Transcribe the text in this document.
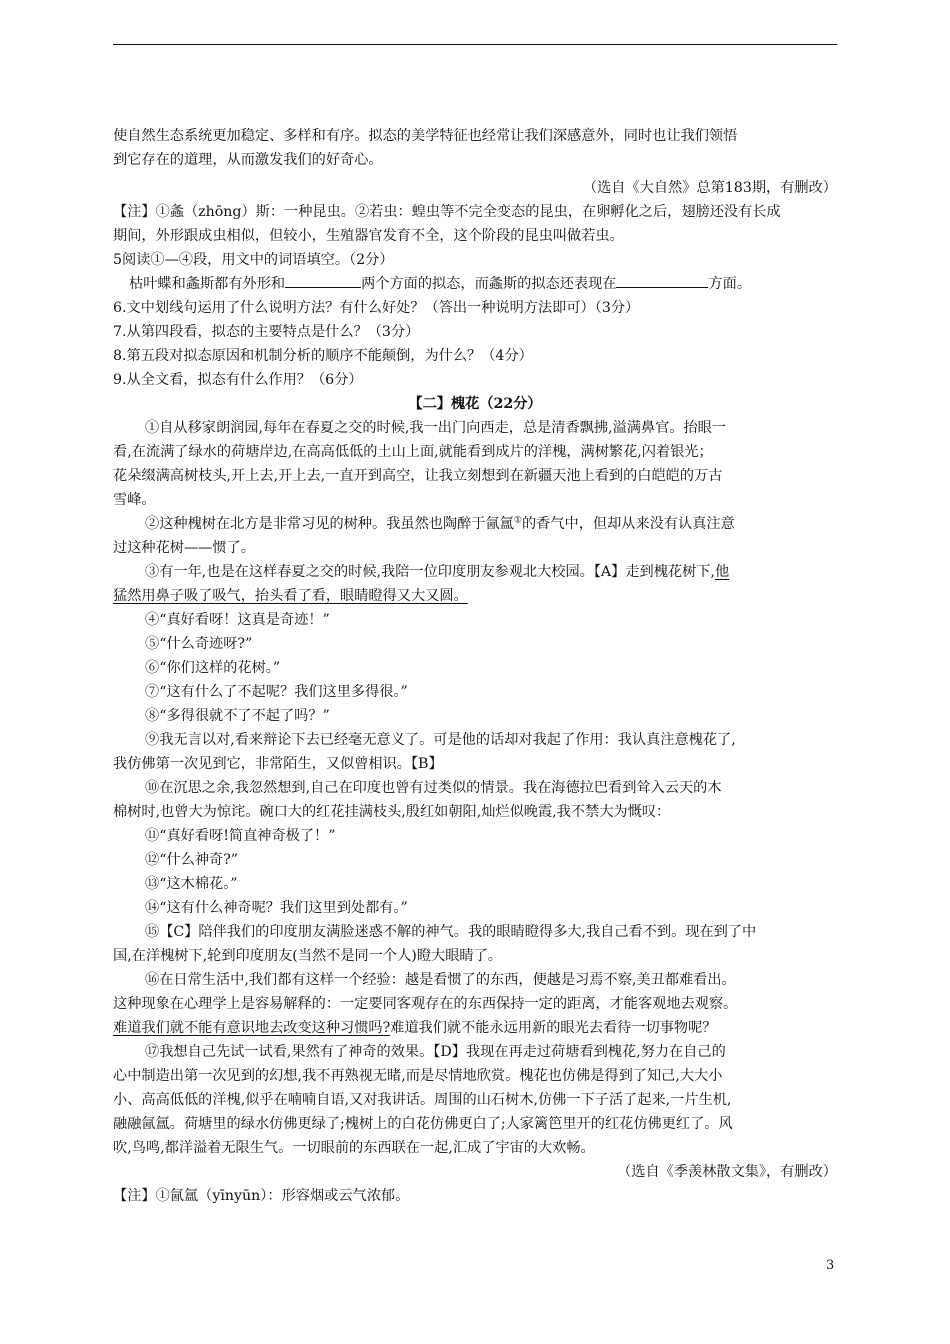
使自然生态系统更加稳定、多样和有序。拟态的美学特征也经常让我们深感意外，同时也让我们领悟

到它存在的道理，从而激发我们的好奇心。

（选自《大自然》总第183期，有删改）

【注】①螽（zhōng）斯：一种昆虫。②若虫：蝗虫等不完全变态的昆虫，在卵孵化之后，翅膀还没有长成

期间，外形跟成虫相似，但较小，生殖器官发育不全，这个阶段的昆虫叫做若虫。

5阅读①—④段，用文中的词语填空。（2分）

枯叶蝶和螽斯都有外形和	两个方面的拟态，而螽斯的拟态还表现在	方面。

6.文中划线句运用了什么说明方法？有什么好处？（答出一种说明方法即可）（3分）

7.从第四段看，拟态的主要特点是什么？（3分）

8.第五段对拟态原因和机制分析的顺序不能颠倒，为什么？（4分）

9.从全文看，拟态有什么作用？（6分）

【二】槐花（22分）

①自从移家朗润园,每年在春夏之交的时候,我一出门向西走，总是清香飘拂,溢满鼻官。抬眼一

看,在流满了绿水的荷塘岸边,在高高低低的土山上面,就能看到成片的洋槐，满树繁花,闪着银光；

花朵缀满高树枝头,开上去,开上去,一直开到高空，让我立刻想到在新疆天池上看到的白皑皑的万古

雪峰。

②这种槐树在北方是非常习见的树种。我虽然也陶醉于氤氲①的香气中，但却从来没有认真注意

过这种花树——惯了。

③有一年,也是在这样春夏之交的时候,我陪一位印度朋友参观北大校园。【A】走到槐花树下,他

猛然用鼻子吸了吸气，抬头看了看，眼睛瞪得又大又圆。

④“真好看呀！这真是奇迹！”

⑤“什么奇迹呀?”

⑥“你们这样的花树。”

⑦“这有什么了不起呢？我们这里多得很。”

⑧“多得很就不了不起了吗？”

⑨我无言以对,看来辩论下去已经毫无意义了。可是他的话却对我起了作用：我认真注意槐花了,

我仿佛第一次见到它，非常陌生，又似曾相识。【B】

⑩在沉思之余,我忽然想到,自己在印度也曾有过类似的情景。我在海德拉巴看到耸入云天的木

棉树时,也曾大为惊诧。碗口大的红花挂满枝头,殷红如朝阳,灿烂似晚霞,我不禁大为慨叹：

⑪“真好看呀!简直神奇极了！”

⑫“什么神奇?”

⑬“这木棉花。”

⑭“这有什么神奇呢？我们这里到处都有。”

⑮【C】陪伴我们的印度朋友满脸迷惑不解的神气。我的眼睛瞪得多大,我自己看不到。现在到了中

国,在洋槐树下,轮到印度朋友(当然不是同一个人)瞪大眼睛了。

⑯在日常生活中,我们都有这样一个经验：越是看惯了的东西，便越是习焉不察,美丑都难看出。

这种现象在心理学上是容易解释的：一定要同客观存在的东西保持一定的距离，才能客观地去观察。

难道我们就不能有意识地去改变这种习惯吗?难道我们就不能永远用新的眼光去看待一切事物呢？

⑰我想自己先试一试看,果然有了神奇的效果。【D】我现在再走过荷塘看到槐花,努力在自己的

心中制造出第一次见到的幻想,我不再熟视无睹,而是尽情地欣赏。槐花也仿佛是得到了知己,大大小

小、高高低低的洋槐,似乎在喃喃自语,又对我讲话。周围的山石树木,仿佛一下子活了起来,一片生机,

融融氤氲。荷塘里的绿水仿佛更绿了;槐树上的白花仿佛更白了;人家篱笆里开的红花仿佛更红了。风

吹,鸟鸣,都洋溢着无限生气。一切眼前的东西联在一起,汇成了宇宙的大欢畅。

（选自《季羡林散文集》，有删改）

【注】①氤氲（yīnyūn）：形容烟或云气浓郁。

3
